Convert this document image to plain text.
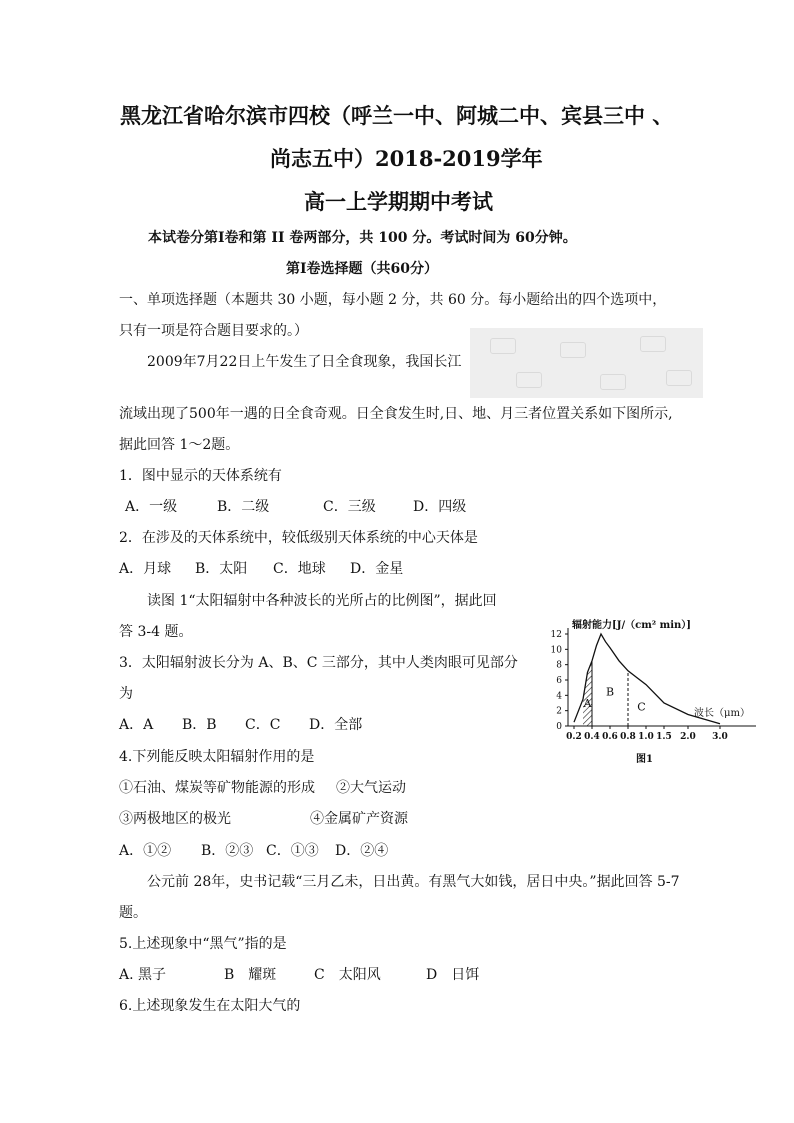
黑龙江省哈尔滨市四校（呼兰一中、阿城二中、宾县三中 、
尚志五中）2018-2019学年
高一上学期期中考试
本试卷分第Ⅰ卷和第 II 卷两部分，共 100 分。考试时间为 60分钟。
第Ⅰ卷选择题（共60分）
一、单项选择题（本题共 30 小题，每小题 2 分，共 60 分。每小题给出的四个选项中，
只有一项是符合题目要求的。）
2009年7月22日上午发生了日全食现象，我国长江
流域出现了500年一遇的日全食奇观。日全食发生时,日、地、月三者位置关系如下图所示,
据此回答 1～2题。
1．图中显示的天体系统有
A．一级	B．二级	C．三级	D．四级
2．在涉及的天体系统中，较低级别天体系统的中心天体是
A．月球 B．太阳 C．地球 D．金星
读图 1“太阳辐射中各种波长的光所占的比例图”，据此回
答 3-4 题。
3．太阳辐射波长分为 A、B、C 三部分，其中人类肉眼可见部分
为
A．A B．B C．C D．全部
4.下列能反映太阳辐射作用的是
①石油、煤炭等矿物能源的形成 ②大气运动
③两极地区的极光	④金属矿产资源
A．①② B．②③ C．①③ D．②④
公元前 28年，史书记载“三月乙未，日出黄。有黑气大如钱，居日中央。”据此回答 5-7
题。
5.上述现象中“黑气”指的是
A. 黑子	B　耀斑	C　太阳风	D　日饵
6.上述现象发生在太阳大气的
0
2
4
6
8
10
12
0.2 0.4 0.6 0.8 1.0 1.5 2.0 3.0
A
B
C
辐射能力[J/（cm² min）]
波长（μm）
图1
